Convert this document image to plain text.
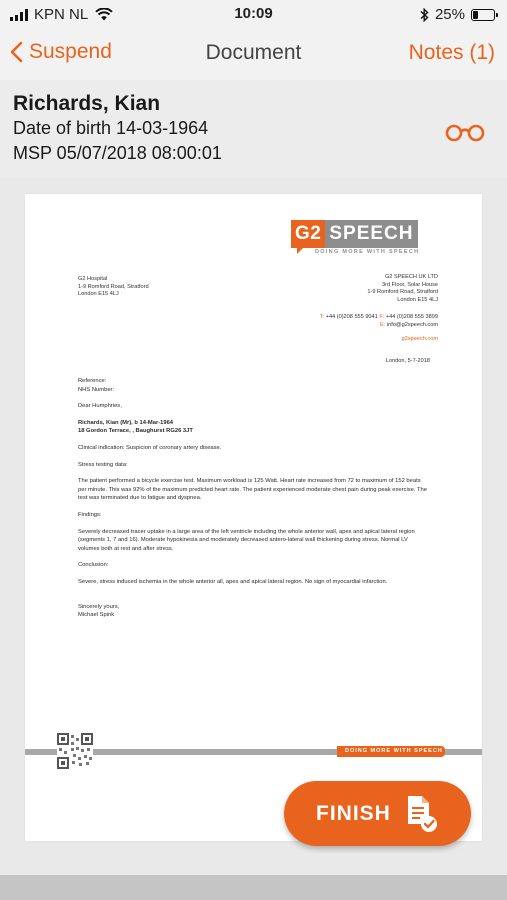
KPN NL	10:09	25%
Suspend	Document	Notes (1)
Richards, Kian
Date of birth 14-03-1964
MSP 05/07/2018 08:00:01
G2 SPEECH
DOING MORE WITH SPEECH
G2 Hospital
1-9 Romford Road, Stratford
London E15 4LJ
G2 SPEECH UK LTD
3rd Floor, Solar House
1-9 Romford Road, Stratford
London E15 4LJ
T: +44 (0)208 555 9041 F: +44 (0)208 555 3899
E: info@g2speech.com
g2speech.com
London, 5-7-2018

Reference:

NHS Number:

Dear Humphries,

Richards, Kian (Mr), b 14-Mar-1964

18 Gordon Terrace, , Baughurst RG26 3JT

Clinical indication: Suspicion of coronary artery disease.

Stress testing data:

The patient performed a bicycle exercise test. Maximum workload is 125 Watt. Heart rate increased from 72 to maximum of 152 beats per minute. This was 92% of the maximum predicted heart rate. The patient experienced moderate chest pain during peak exercise. The test was terminated due to fatigue and dyspnea.

Findings:

Severely decreased tracer uptake in a large area of the left ventricle including the whole anterior wall, apex and apical lateral region (segments 1, 7 and 16). Moderate hypokinesia and moderately decreased antero-lateral wall thickening during stress. Normal LV volumes both at rest and after stress.

Conclusion:

Severe, stress induced ischemia in the whole anterior all, apex and apical lateral region. No sign of myocardial infarction.

Sincerely yours,

Michael Spink

DOING MORE WITH SPEECH
FINISH
